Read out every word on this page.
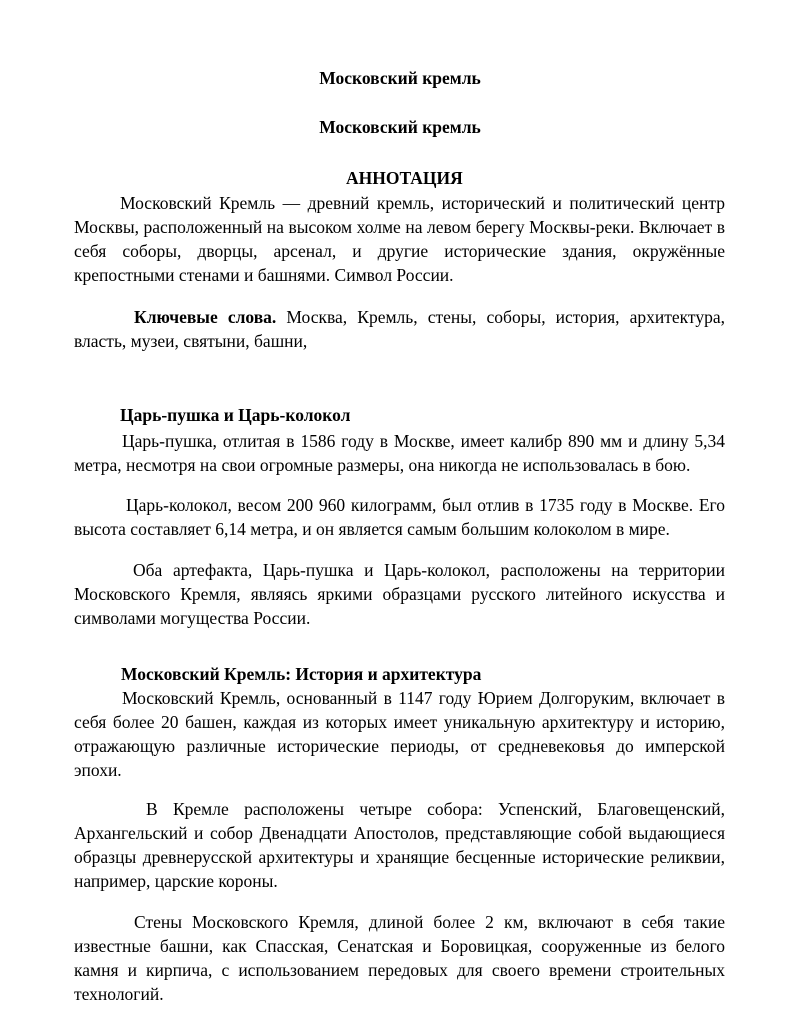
Московский кремль

Московский кремль

АННОТАЦИЯ

Московский Кремль — древний кремль, исторический и политический центр Москвы, расположенный на высоком холме на левом берегу Москвы-реки. Включает в себя соборы, дворцы, арсенал, и другие исторические здания, окружённые крепостными стенами и башнями. Символ России.

Ключевые слова. Москва, Кремль, стены, соборы, история, архитектура, власть, музеи, святыни, башни,

Царь-пушка и Царь-колокол

Царь-пушка, отлитая в 1586 году в Москве, имеет калибр 890 мм и длину 5,34 метра, несмотря на свои огромные размеры, она никогда не использовалась в бою.

Царь-колокол, весом 200 960 килограмм, был отлив в 1735 году в Москве. Его высота составляет 6,14 метра, и он является самым большим колоколом в мире.

Оба артефакта, Царь-пушка и Царь-колокол, расположены на территории Московского Кремля, являясь яркими образцами русского литейного искусства и символами могущества России.

Московский Кремль: История и архитектура

Московский Кремль, основанный в 1147 году Юрием Долгоруким, включает в себя более 20 башен, каждая из которых имеет уникальную архитектуру и историю, отражающую различные исторические периоды, от средневековья до имперской эпохи.

В Кремле расположены четыре собора: Успенский, Благовещенский, Архангельский и собор Двенадцати Апостолов, представляющие собой выдающиеся образцы древнерусской архитектуры и хранящие бесценные исторические реликвии, например, царские короны.

Стены Московского Кремля, длиной более 2 км, включают в себя такие известные башни, как Спасская, Сенатская и Боровицкая, сооруженные из белого камня и кирпича, с использованием передовых для своего времени строительных технологий.
